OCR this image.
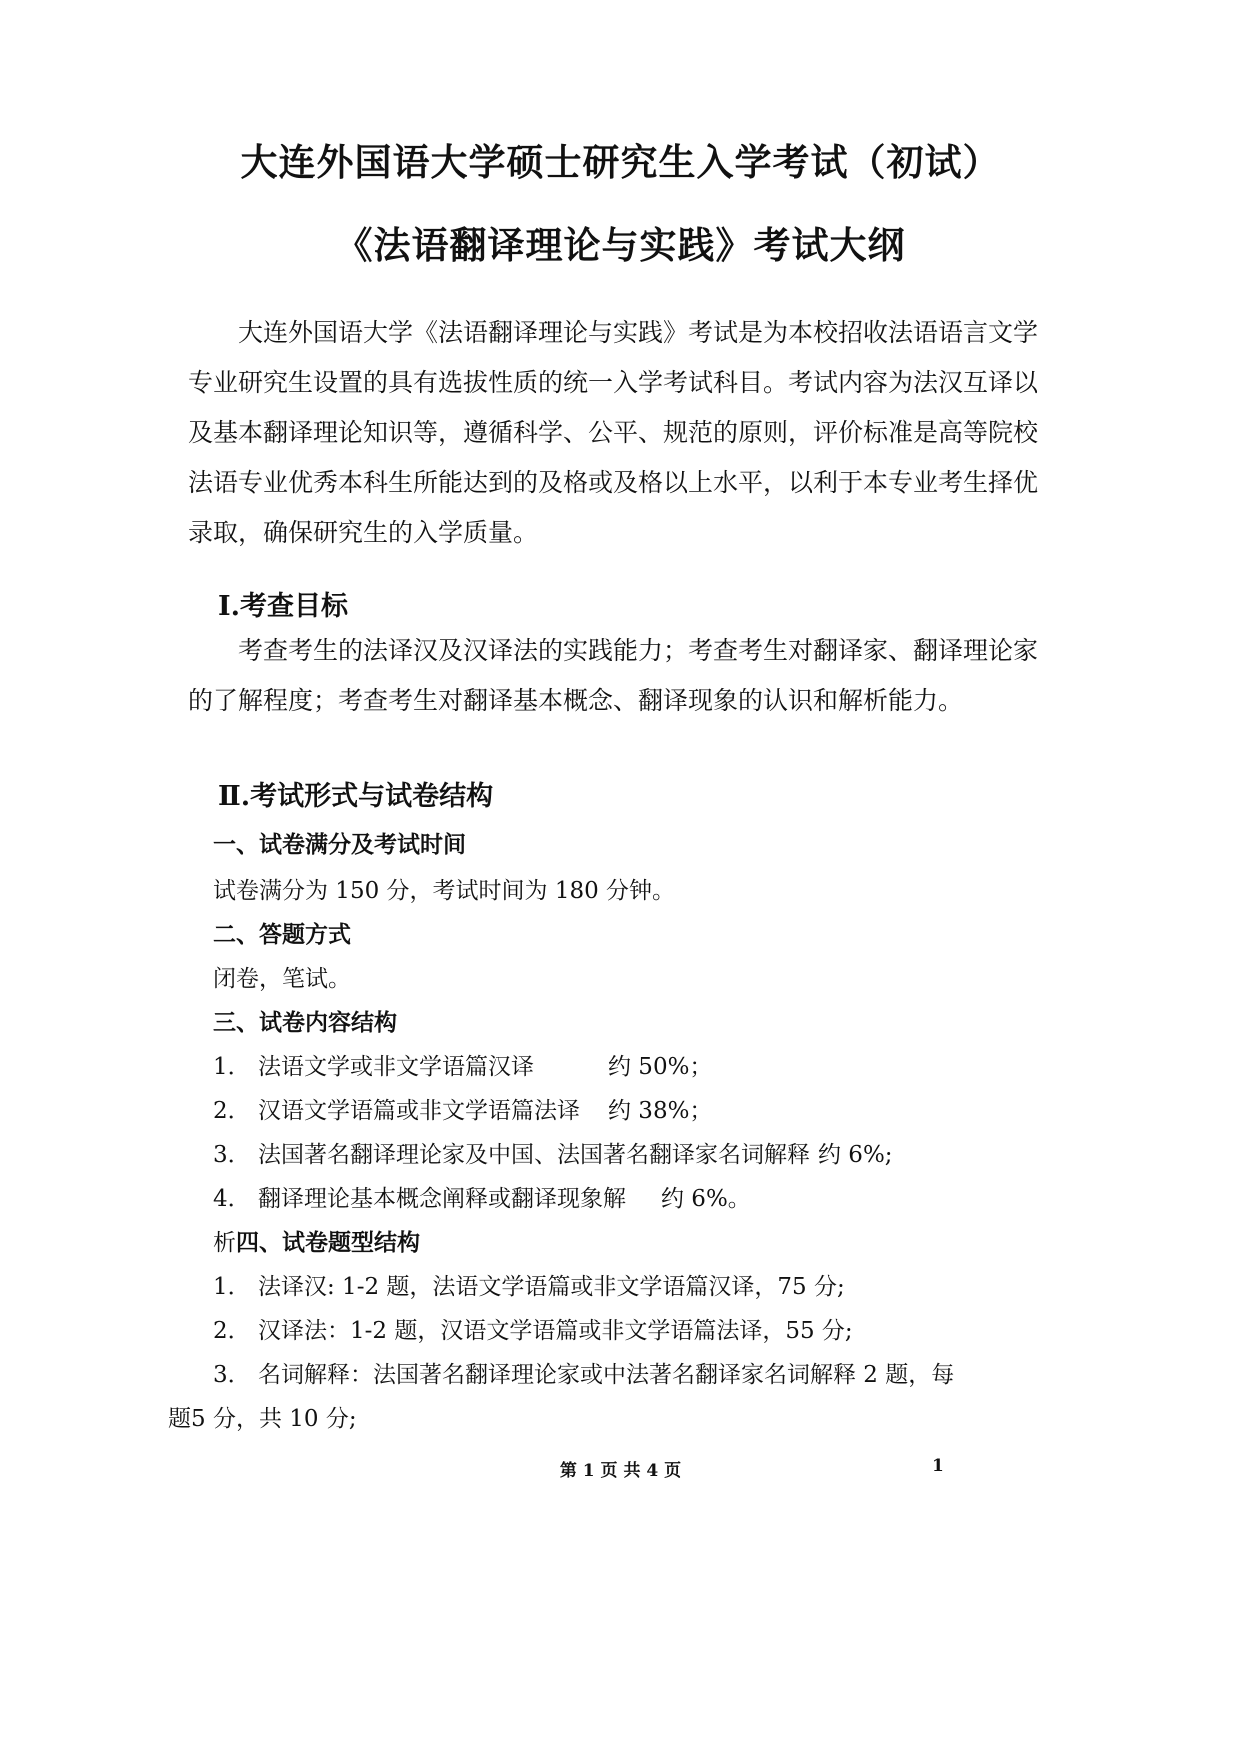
大连外国语大学硕士研究生入学考试（初试）
《法语翻译理论与实践》考试大纲
大连外国语大学《法语翻译理论与实践》考试是为本校招收法语语言文学专业研究生设置的具有选拔性质的统一入学考试科目。考试内容为法汉互译以及基本翻译理论知识等，遵循科学、公平、规范的原则，评价标准是高等院校法语专业优秀本科生所能达到的及格或及格以上水平，以利于本专业考生择优录取，确保研究生的入学质量。
I.考查目标
考查考生的法译汉及汉译法的实践能力；考查考生对翻译家、翻译理论家的了解程度；考查考生对翻译基本概念、翻译现象的认识和解析能力。
Ⅱ.考试形式与试卷结构
一、试卷满分及考试时间
试卷满分为 150 分，考试时间为 180 分钟。
二、答题方式
闭卷，笔试。
三、试卷内容结构
1． 法语文学或非文学语篇汉译	约 50%；
2． 汉语文学语篇或非文学语篇法译 约 38%；
3． 法国著名翻译理论家及中国、法国著名翻译家名词解释 约 6%;
4． 翻译理论基本概念阐释或翻译现象解 约 6%。
析四、试卷题型结构
1． 法译汉: 1-2 题，法语文学语篇或非文学语篇汉译，75 分;
2． 汉译法：1-2 题，汉语文学语篇或非文学语篇法译，55 分;
3． 名词解释：法国著名翻译理论家或中法著名翻译家名词解释 2 题，每
题5 分，共 10 分;
第 1 页 共 4 页	1
